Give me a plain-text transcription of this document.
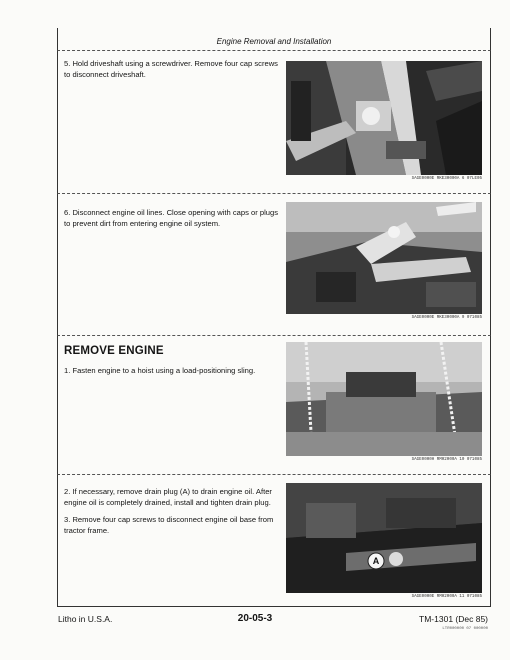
Engine Removal and Installation

5. Hold driveshaft using a screwdriver. Remove four cap screws to disconnect driveshaft.

SAGE0000E RKE30000A 6 07LE05

6. Disconnect engine oil lines. Close opening with caps or plugs to prevent dirt from entering engine oil system.

SAGE0000E RKE30000A 9 071085
REMOVE ENGINE

1. Fasten engine to a hoist using a load-positioning sling.

SAGE0000H RM02000A 10 071085

2. If necessary, remove drain plug (A) to drain engine oil. After engine oil is completely drained, install and tighten drain plug.

3. Remove four cap screws to disconnect engine oil base from tractor frame.

A
SAGE0000E RM02000A 11 071085
Litho in U.S.A.	20-05-3	TM-1301 (Dec 85)
LTR000000 07 000000
